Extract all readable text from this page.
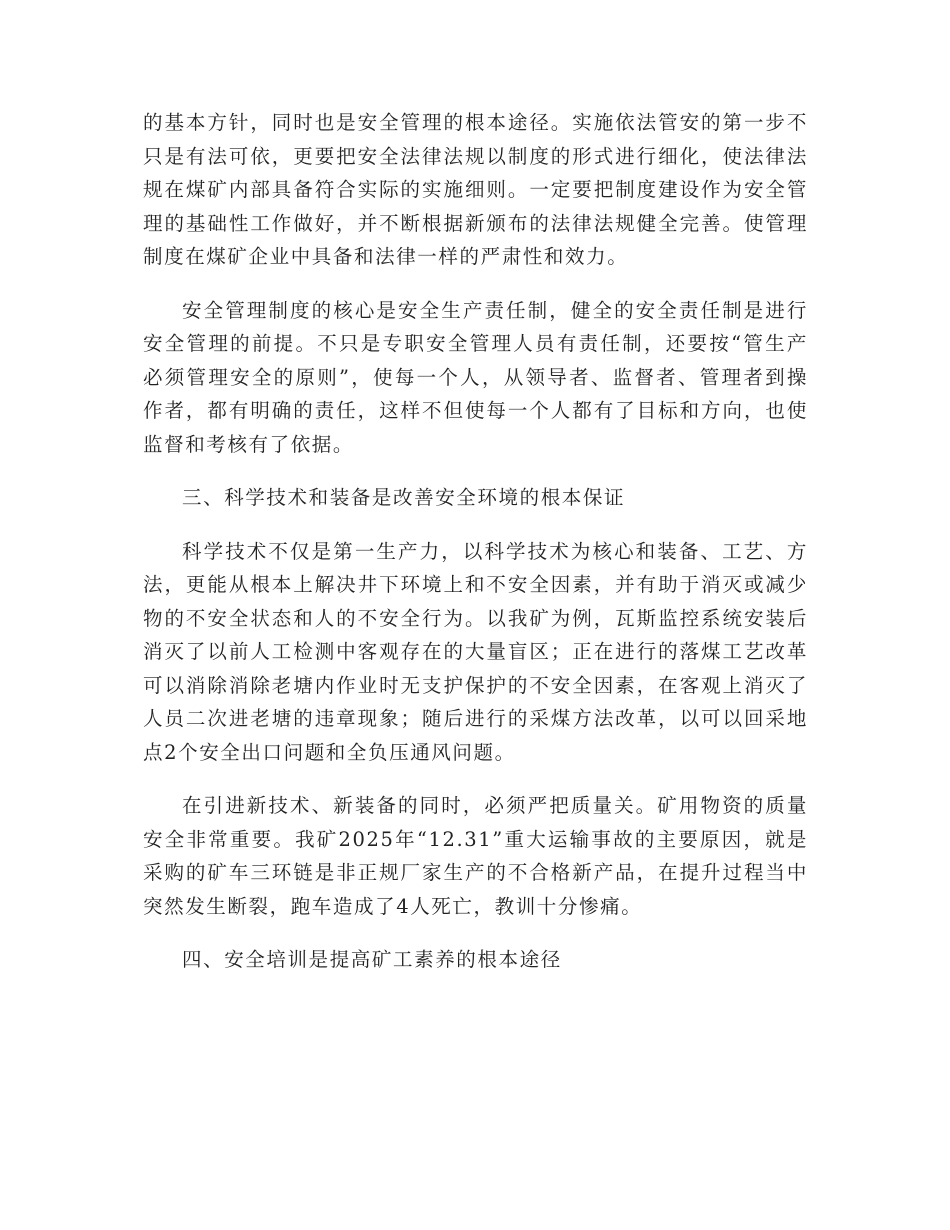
的基本方针，同时也是安全管理的根本途径。实施依法管安的第一步不只是有法可依，更要把安全法律法规以制度的形式进行细化，使法律法规在煤矿内部具备符合实际的实施细则。一定要把制度建设作为安全管理的基础性工作做好，并不断根据新颁布的法律法规健全完善。使管理制度在煤矿企业中具备和法律一样的严肃性和效力。

安全管理制度的核心是安全生产责任制，健全的安全责任制是进行安全管理的前提。不只是专职安全管理人员有责任制，还要按“管生产必须管理安全的原则”，使每一个人，从领导者、监督者、管理者到操作者，都有明确的责任，这样不但使每一个人都有了目标和方向，也使监督和考核有了依据。

三、科学技术和装备是改善安全环境的根本保证

科学技术不仅是第一生产力，以科学技术为核心和装备、工艺、方法，更能从根本上解决井下环境上和不安全因素，并有助于消灭或减少物的不安全状态和人的不安全行为。以我矿为例，瓦斯监控系统安装后消灭了以前人工检测中客观存在的大量盲区；正在进行的落煤工艺改革可以消除消除老塘内作业时无支护保护的不安全因素，在客观上消灭了人员二次进老塘的违章现象；随后进行的采煤方法改革，以可以回采地点2个安全出口问题和全负压通风问题。

在引进新技术、新装备的同时，必须严把质量关。矿用物资的质量安全非常重要。我矿2025年“12.31”重大运输事故的主要原因，就是采购的矿车三环链是非正规厂家生产的不合格新产品，在提升过程当中突然发生断裂，跑车造成了4人死亡，教训十分惨痛。

四、安全培训是提高矿工素养的根本途径
